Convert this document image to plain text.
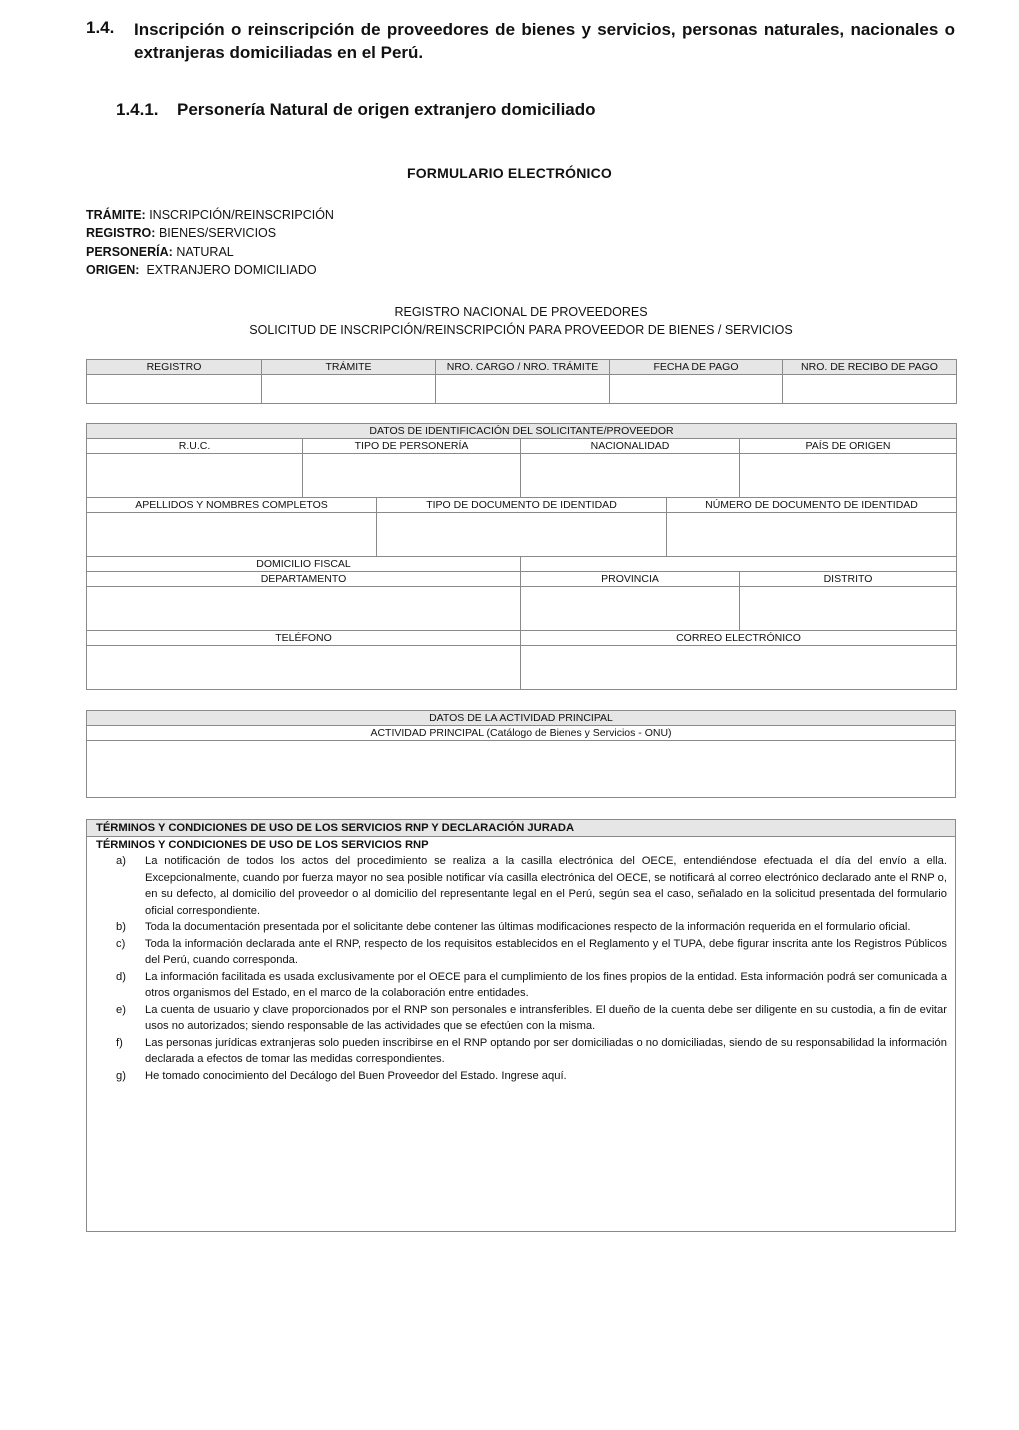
1.4. Inscripción o reinscripción de proveedores de bienes y servicios, personas naturales, nacionales o extranjeras domiciliadas en el Perú.
1.4.1. Personería Natural de origen extranjero domiciliado
FORMULARIO ELECTRÓNICO
TRÁMITE: INSCRIPCIÓN/REINSCRIPCIÓN
REGISTRO: BIENES/SERVICIOS
PERSONERÍA: NATURAL
ORIGEN: EXTRANJERO DOMICILIADO
REGISTRO NACIONAL DE PROVEEDORES
SOLICITUD DE INSCRIPCIÓN/REINSCRIPCIÓN PARA PROVEEDOR DE BIENES / SERVICIOS
REGISTRO	TRÁMITE	NRO. CARGO / NRO. TRÁMITE	FECHA DE PAGO	NRO. DE RECIBO DE PAGO

DATOS DE IDENTIFICACIÓN DEL SOLICITANTE/PROVEEDOR					
R.U.C.	TIPO DE PERSONERÍA		NACIONALIDAD		PAÍS DE ORIGEN

APELLIDOS Y NOMBRES COMPLETOS		TIPO DE DOCUMENTO DE IDENTIDAD		NÚMERO DE DOCUMENTO DE IDENTIDAD	

DOMICILIO FISCAL					
DEPARTAMENTO			PROVINCIA		DISTRITO

TELÉFONO			CORREO ELECTRÓNICO		

DATOS DE LA ACTIVIDAD PRINCIPAL
ACTIVIDAD PRINCIPAL (Catálogo de Bienes y Servicios - ONU)

TÉRMINOS Y CONDICIONES DE USO DE LOS SERVICIOS RNP Y DECLARACIÓN JURADA
TÉRMINOS Y CONDICIONES DE USO DE LOS SERVICIOS RNP
a) La notificación de todos los actos del procedimiento se realiza a la casilla electrónica del OECE, entendiéndose efectuada el día del envío a ella. Excepcionalmente, cuando por fuerza mayor no sea posible notificar vía casilla electrónica del OECE, se notificará al correo electrónico declarado ante el RNP o, en su defecto, al domicilio del proveedor o al domicilio del representante legal en el Perú, según sea el caso, señalado en la solicitud presentada del formulario oficial correspondiente.
b) Toda la documentación presentada por el solicitante debe contener las últimas modificaciones respecto de la información requerida en el formulario oficial.
c) Toda la información declarada ante el RNP, respecto de los requisitos establecidos en el Reglamento y el TUPA, debe figurar inscrita ante los Registros Públicos del Perú, cuando corresponda.
d) La información facilitada es usada exclusivamente por el OECE para el cumplimiento de los fines propios de la entidad. Esta información podrá ser comunicada a otros organismos del Estado, en el marco de la colaboración entre entidades.
e) La cuenta de usuario y clave proporcionados por el RNP son personales e intransferibles. El dueño de la cuenta debe ser diligente en su custodia, a fin de evitar usos no autorizados; siendo responsable de las actividades que se efectúen con la misma.
f) Las personas jurídicas extranjeras solo pueden inscribirse en el RNP optando por ser domiciliadas o no domiciliadas, siendo de su responsabilidad la información declarada a efectos de tomar las medidas correspondientes.
g) He tomado conocimiento del Decálogo del Buen Proveedor del Estado. Ingrese aquí.
